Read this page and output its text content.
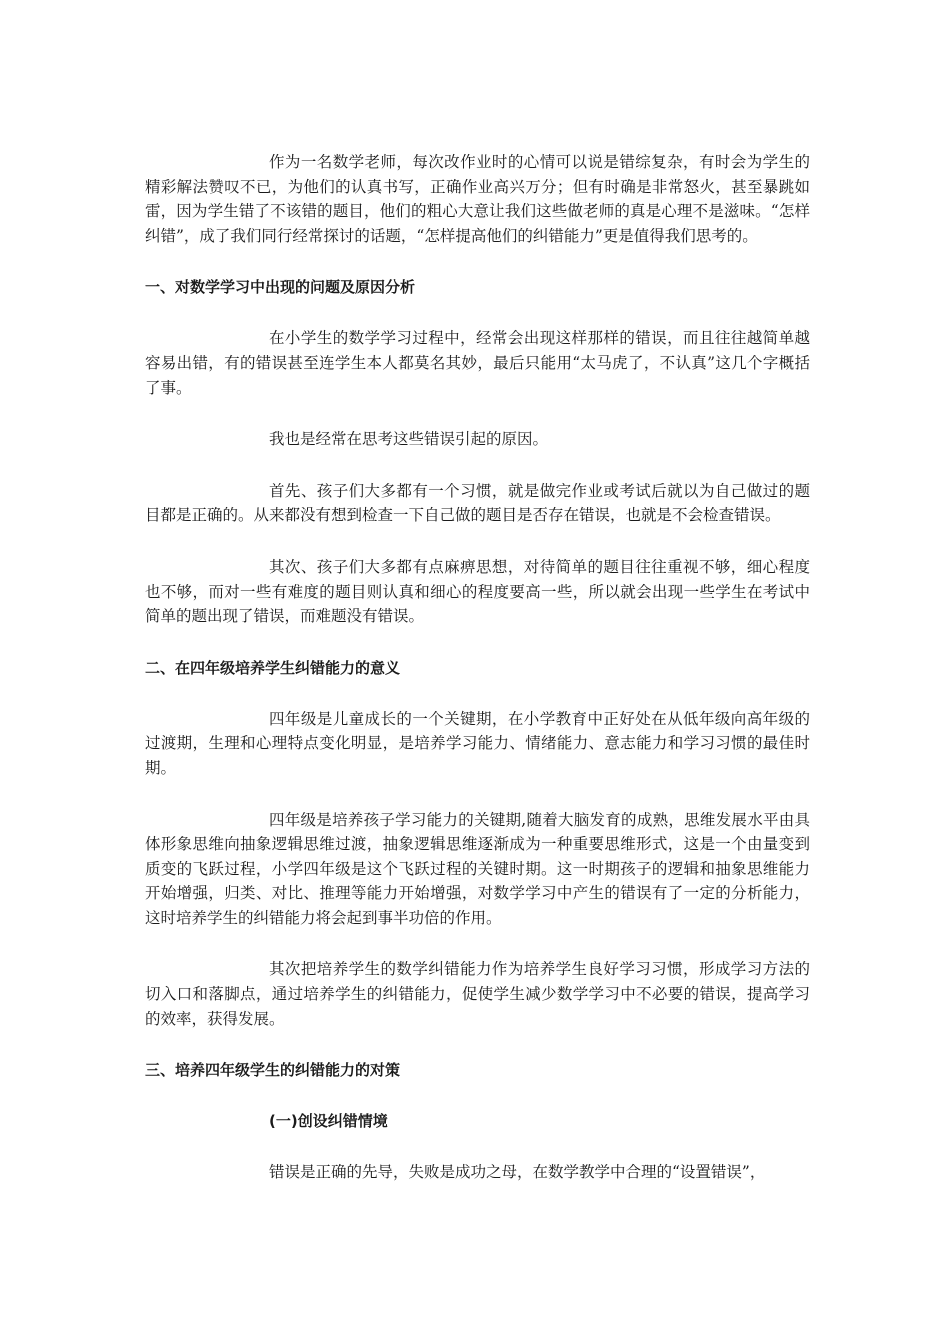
作为一名数学老师，每次改作业时的心情可以说是错综复杂，有时会为学生的精彩解法赞叹不已，为他们的认真书写，正确作业高兴万分；但有时确是非常怒火，甚至暴跳如雷，因为学生错了不该错的题目，他们的粗心大意让我们这些做老师的真是心理不是滋味。“怎样纠错”，成了我们同行经常探讨的话题，“怎样提高他们的纠错能力”更是值得我们思考的。

一、对数学学习中出现的问题及原因分析

在小学生的数学学习过程中，经常会出现这样那样的错误，而且往往越简单越容易出错，有的错误甚至连学生本人都莫名其妙，最后只能用“太马虎了，不认真”这几个字概括了事。

我也是经常在思考这些错误引起的原因。

首先、孩子们大多都有一个习惯，就是做完作业或考试后就以为自己做过的题目都是正确的。从来都没有想到检查一下自己做的题目是否存在错误，也就是不会检查错误。

其次、孩子们大多都有点麻痹思想，对待简单的题目往往重视不够，细心程度也不够，而对一些有难度的题目则认真和细心的程度要高一些，所以就会出现一些学生在考试中简单的题出现了错误，而难题没有错误。

二、在四年级培养学生纠错能力的意义

四年级是儿童成长的一个关键期，在小学教育中正好处在从低年级向高年级的过渡期，生理和心理特点变化明显，是培养学习能力、情绪能力、意志能力和学习习惯的最佳时期。

四年级是培养孩子学习能力的关键期,随着大脑发育的成熟，思维发展水平由具体形象思维向抽象逻辑思维过渡，抽象逻辑思维逐渐成为一种重要思维形式，这是一个由量变到质变的飞跃过程，小学四年级是这个飞跃过程的关键时期。这一时期孩子的逻辑和抽象思维能力开始增强，归类、对比、推理等能力开始增强，对数学学习中产生的错误有了一定的分析能力，这时培养学生的纠错能力将会起到事半功倍的作用。

其次把培养学生的数学纠错能力作为培养学生良好学习习惯，形成学习方法的切入口和落脚点，通过培养学生的纠错能力，促使学生减少数学学习中不必要的错误，提高学习的效率，获得发展。

三、培养四年级学生的纠错能力的对策
(一)创设纠错情境

错误是正确的先导，失败是成功之母，在数学教学中合理的“设置错误”，
